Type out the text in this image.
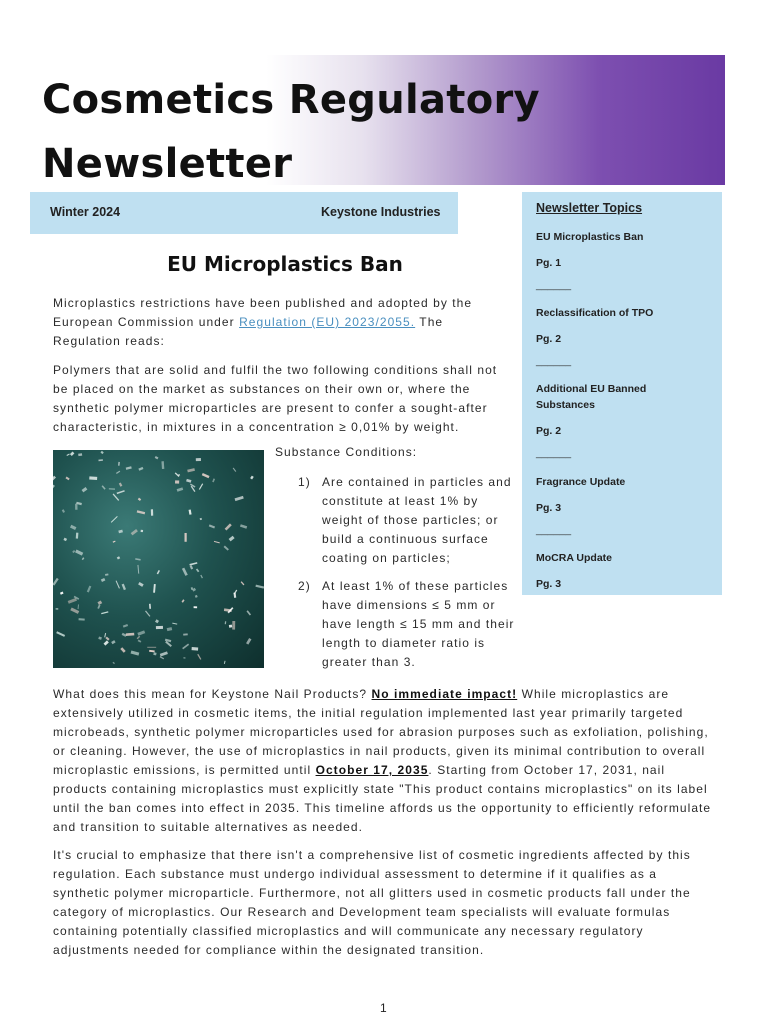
Cosmetics Regulatory
Newsletter
Winter 2024	Keystone Industries	Newsletter Topics
EU Microplastics Ban
Pg. 1
______
Reclassification of TPO
Pg. 2
______
Additional EU Banned
Substances
Pg. 2
______
Fragrance Update
Pg. 3
______
MoCRA Update
Pg. 3
EU Microplastics Ban

Microplastics restrictions have been published and adopted by the European Commission under Regulation (EU) 2023/2055. The Regulation reads:

Polymers that are solid and fulfil the two following conditions shall not be placed on the market as substances on their own or, where the synthetic polymer microparticles are present to confer a sought-after characteristic, in mixtures in a concentration ≥ 0,01% by weight.

Substance Conditions:
1) Are contained in particles and constitute at least 1% by weight of those particles; or build a continuous surface coating on particles;
2) At least 1% of these particles have dimensions ≤ 5 mm or have length ≤ 15 mm and their length to diameter ratio is greater than 3.

What does this mean for Keystone Nail Products? No immediate impact! While microplastics are extensively utilized in cosmetic items, the initial regulation implemented last year primarily targeted microbeads, synthetic polymer microparticles used for abrasion purposes such as exfoliation, polishing, or cleaning. However, the use of microplastics in nail products, given its minimal contribution to overall microplastic emissions, is permitted until October 17, 2035. Starting from October 17, 2031, nail products containing microplastics must explicitly state "This product contains microplastics" on its label until the ban comes into effect in 2035. This timeline affords us the opportunity to efficiently reformulate and transition to suitable alternatives as needed.

It's crucial to emphasize that there isn't a comprehensive list of cosmetic ingredients affected by this regulation. Each substance must undergo individual assessment to determine if it qualifies as a synthetic polymer microparticle. Furthermore, not all glitters used in cosmetic products fall under the category of microplastics. Our Research and Development team specialists will evaluate formulas containing potentially classified microplastics and will communicate any necessary regulatory adjustments needed for compliance within the designated transition.

1
